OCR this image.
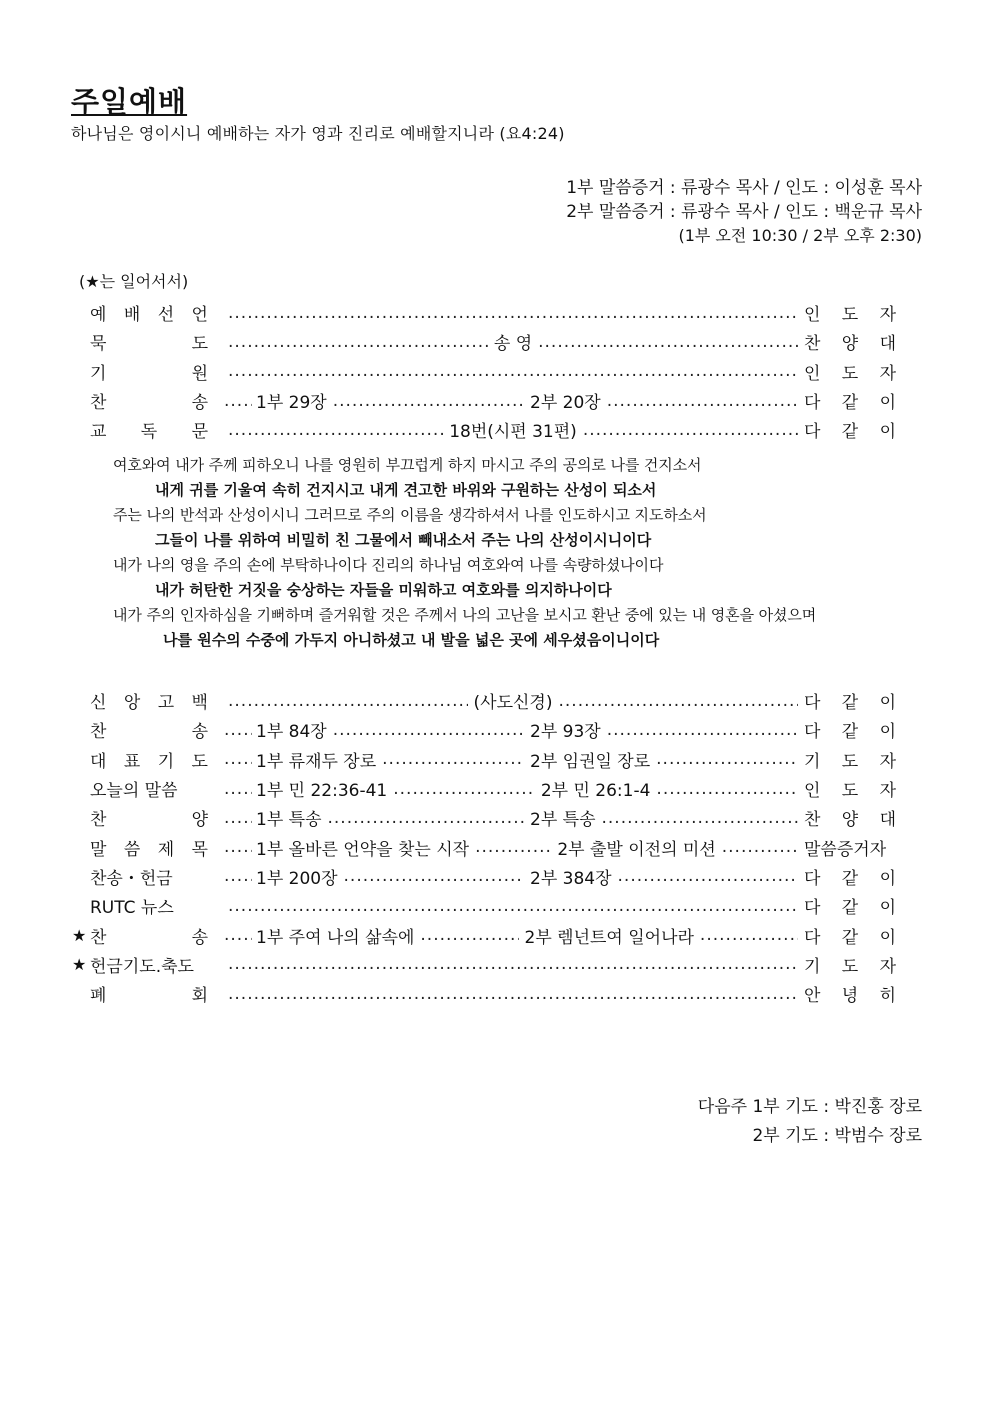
주일예배
하나님은 영이시니 예배하는 자가 영과 진리로 예배할지니라 (요4:24)
1부 말씀증거 : 류광수 목사 / 인도 : 이성훈 목사
2부 말씀증거 : 류광수 목사 / 인도 : 백운규 목사
(1부 오전 10:30 / 2부 오후 2:30)
(★는 일어서서)
예 배 선 언 .....	인 도 자
묵	도 .....	송 영 .....	찬 양 대
기	원 .....	인 도 자
찬	송 .....	1부 29장 .....	2부 20장 .....	다 같 이
교 독 문 .....	18번(시편 31편) .....	다 같 이
여호와여 내가 주께 피하오니 나를 영원히 부끄럽게 하지 마시고 주의 공의로 나를 건지소서
내게 귀를 기울여 속히 건지시고 내게 견고한 바위와 구원하는 산성이 되소서
주는 나의 반석과 산성이시니 그러므로 주의 이름을 생각하셔서 나를 인도하시고 지도하소서
그들이 나를 위하여 비밀히 친 그물에서 빼내소서 주는 나의 산성이시니이다
내가 나의 영을 주의 손에 부탁하나이다 진리의 하나님 여호와여 나를 속량하셨나이다
내가 허탄한 거짓을 숭상하는 자들을 미워하고 여호와를 의지하나이다
내가 주의 인자하심을 기뻐하며 즐거워할 것은 주께서 나의 고난을 보시고 환난 중에 있는 내 영혼을 아셨으며
나를 원수의 수중에 가두지 아니하셨고 내 발을 넓은 곳에 세우셨음이니이다
신 앙 고 백 .....	(사도신경) .....	다 같 이
찬	송 .....	1부 84장 .....	2부 93장 .....	다 같 이
대 표 기 도 .....	1부 류재두 장로 .....	2부 임권일 장로 .....	기 도 자
오늘의 말씀 .....	1부 민 22:36-41 .....	2부 민 26:1-4 .....	인 도 자
찬	양 .....	1부 특송 .....	2부 특송 .....	찬 양 대
말 씀 제 목 .....	1부 올바른 언약을 찾는 시작 .....	2부 출발 이전의 미션 .....	말씀증거자
찬송・헌금 .....	1부 200장 .....	2부 384장 .....	다 같 이
RUTC 뉴스 .....	다 같 이
★ 찬	송 .....	1부 주여 나의 삶속에 .....	2부 렘넌트여 일어나라 .....	다 같 이
★ 헌금기도.축도 .....	기 도 자
폐	회 .....	안 녕 히
다음주 1부 기도 : 박진홍 장로
2부 기도 : 박범수 장로
